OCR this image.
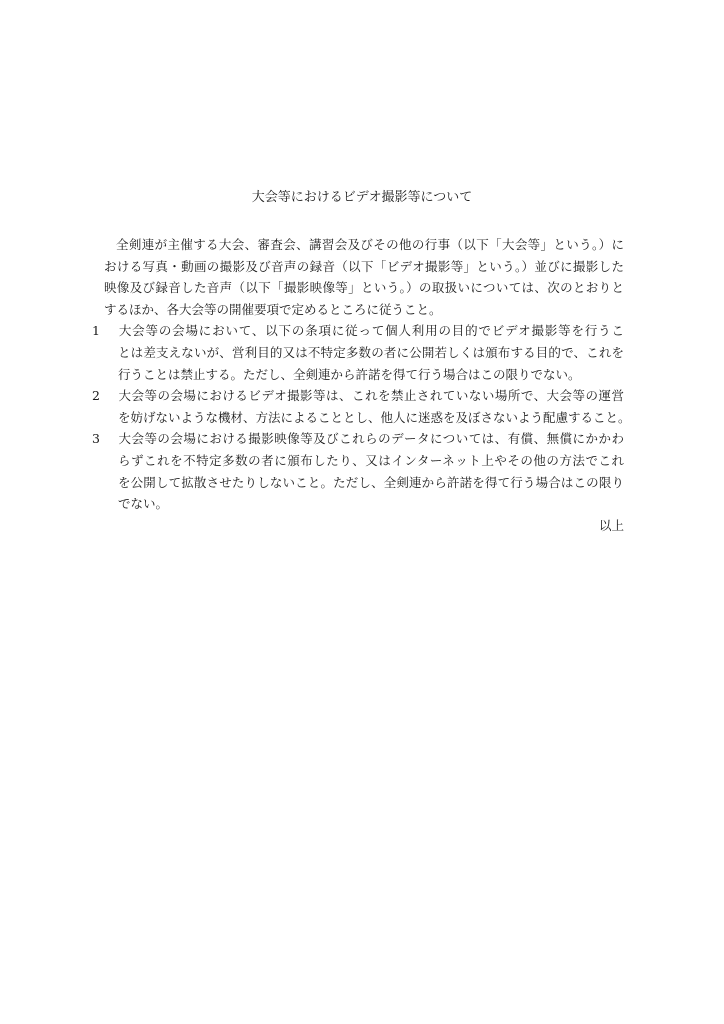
大会等におけるビデオ撮影等について
全剣連が主催する大会、審査会、講習会及びその他の行事（以下「大会等」という。）に
おける写真・動画の撮影及び音声の録音（以下「ビデオ撮影等」という。）並びに撮影した
映像及び録音した音声（以下「撮影映像等」という。）の取扱いについては、次のとおりと
するほか、各大会等の開催要項で定めるところに従うこと。
1 大会等の会場において、以下の条項に従って個人利用の目的でビデオ撮影等を行うこ
とは差支えないが、営利目的又は不特定多数の者に公開若しくは頒布する目的で、これを
行うことは禁止する。ただし、全剣連から許諾を得て行う場合はこの限りでない。
2 大会等の会場におけるビデオ撮影等は、これを禁止されていない場所で、大会等の運営
を妨げないような機材、方法によることとし、他人に迷惑を及ぼさないよう配慮すること。
3 大会等の会場における撮影映像等及びこれらのデータについては、有償、無償にかかわ
らずこれを不特定多数の者に頒布したり、又はインターネット上やその他の方法でこれ
を公開して拡散させたりしないこと。ただし、全剣連から許諾を得て行う場合はこの限り
でない。
以上
